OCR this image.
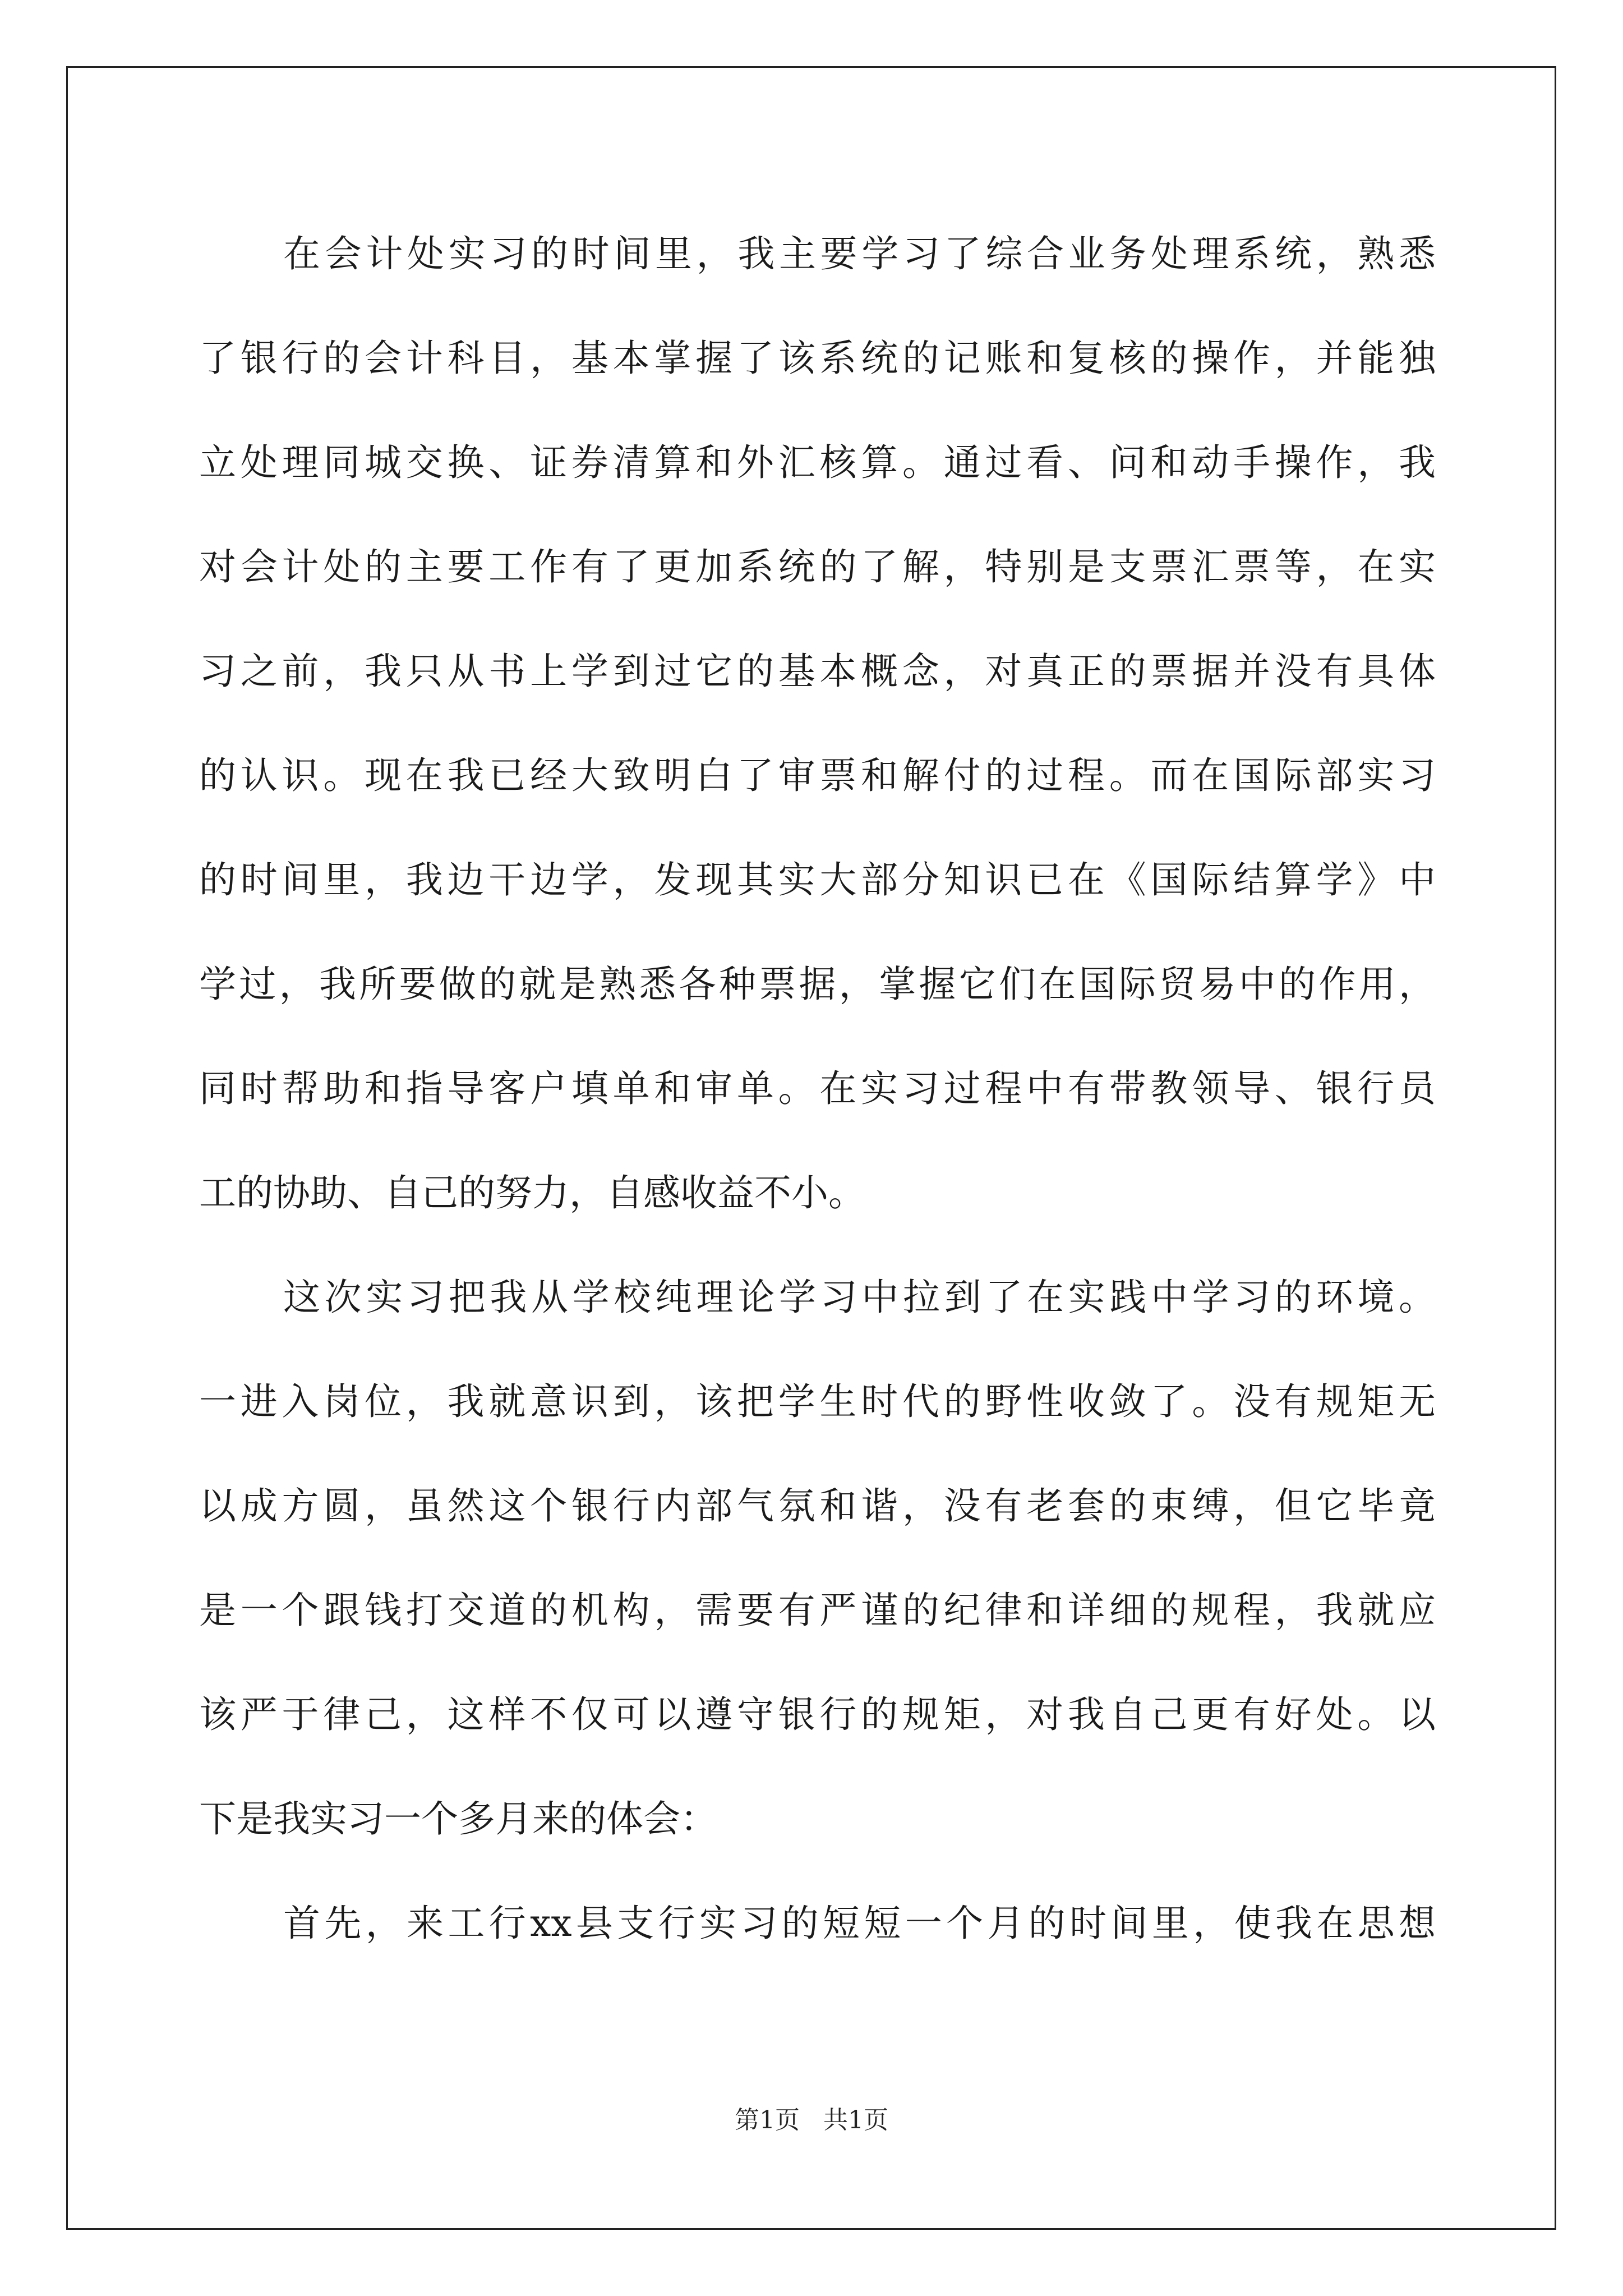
在会计处实习的时间里，我主要学习了综合业务处理系统，熟悉
了银行的会计科目，基本掌握了该系统的记账和复核的操作，并能独
立处理同城交换、证券清算和外汇核算。通过看、问和动手操作，我
对会计处的主要工作有了更加系统的了解，特别是支票汇票等，在实
习之前，我只从书上学到过它的基本概念，对真正的票据并没有具体
的认识。现在我已经大致明白了审票和解付的过程。而在国际部实习
的时间里，我边干边学，发现其实大部分知识已在《国际结算学》中
学过，我所要做的就是熟悉各种票据，掌握它们在国际贸易中的作用，
同时帮助和指导客户填单和审单。在实习过程中有带教领导、银行员
工的协助、自己的努力，自感收益不小。
这次实习把我从学校纯理论学习中拉到了在实践中学习的环境。
一进入岗位，我就意识到，该把学生时代的野性收敛了。没有规矩无
以成方圆，虽然这个银行内部气氛和谐，没有老套的束缚，但它毕竟
是一个跟钱打交道的机构，需要有严谨的纪律和详细的规程，我就应
该严于律己，这样不仅可以遵守银行的规矩，对我自己更有好处。以
下是我实习一个多月来的体会：
首先，来工行xx县支行实习的短短一个月的时间里，使我在思想
第1页   共1页
